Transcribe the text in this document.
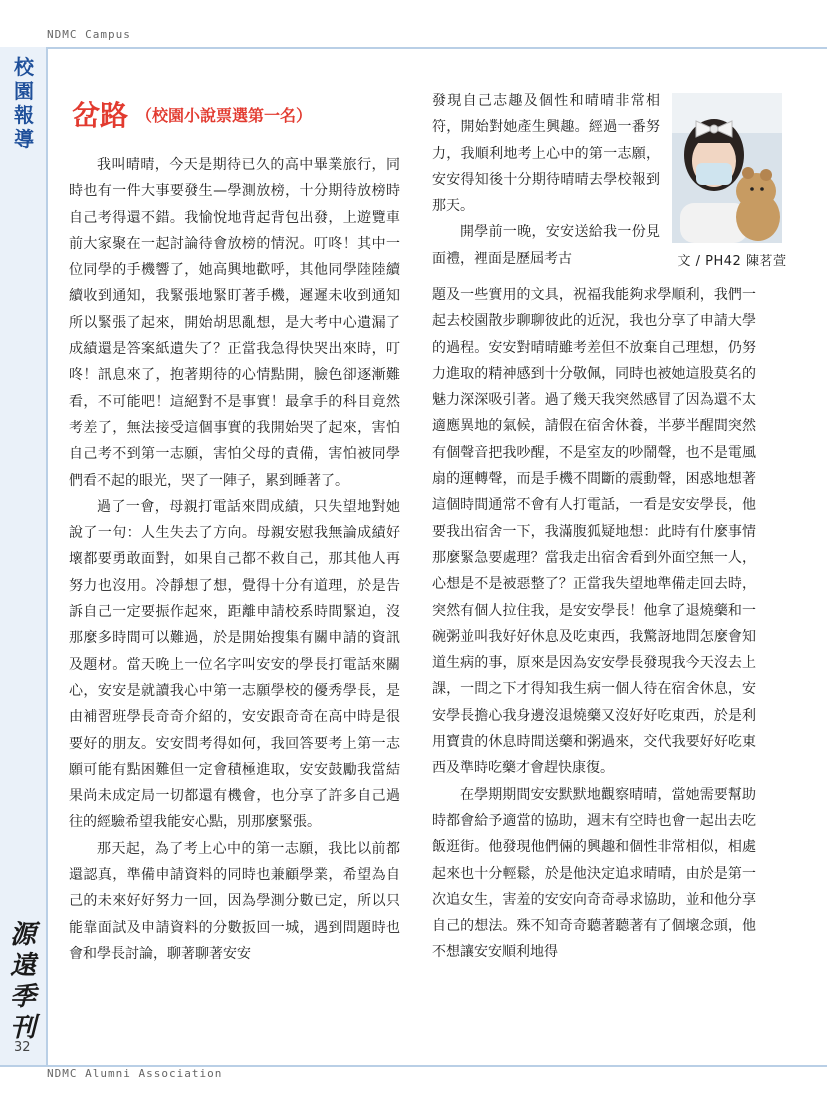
NDMC Campus
校園報導
源遠季刊
32
NDMC Alumni Association
岔路 （校園小說票選第一名）

我叫晴晴，今天是期待已久的高中畢業旅行，同時也有一件大事要發生—學測放榜，十分期待放榜時自己考得還不錯。我愉悅地背起背包出發，上遊覽車前大家聚在一起討論待會放榜的情況。叮咚！其中一位同學的手機響了，她高興地歡呼，其他同學陸陸續續收到通知，我緊張地緊盯著手機，遲遲未收到通知所以緊張了起來，開始胡思亂想，是大考中心遺漏了成績還是答案紙遺失了？正當我急得快哭出來時，叮咚！訊息來了，抱著期待的心情點開，臉色卻逐漸難看，不可能吧！這絕對不是事實！最拿手的科目竟然考差了，無法接受這個事實的我開始哭了起來，害怕自己考不到第一志願，害怕父母的責備，害怕被同學們看不起的眼光，哭了一陣子，累到睡著了。

過了一會，母親打電話來問成績，只失望地對她說了一句：人生失去了方向。母親安慰我無論成績好壞都要勇敢面對，如果自己都不救自己，那其他人再努力也沒用。冷靜想了想，覺得十分有道理，於是告訴自己一定要振作起來，距離申請校系時間緊迫，沒那麼多時間可以難過，於是開始搜集有關申請的資訊及題材。當天晚上一位名字叫安安的學長打電話來關心，安安是就讀我心中第一志願學校的優秀學長，是由補習班學長奇奇介紹的，安安跟奇奇在高中時是很要好的朋友。安安問考得如何，我回答要考上第一志願可能有點困難但一定會積極進取，安安鼓勵我當結果尚未成定局一切都還有機會，也分享了許多自己過往的經驗希望我能安心點，別那麼緊張。

那天起，為了考上心中的第一志願，我比以前都還認真，準備申請資料的同時也兼顧學業，希望為自己的未來好好努力一回，因為學測分數已定，所以只能靠面試及申請資料的分數扳回一城，遇到問題時也會和學長討論，聊著聊著安安

發現自己志趣及個性和晴晴非常相符，開始對她產生興趣。經過一番努力，我順利地考上心中的第一志願，安安得知後十分期待晴晴去學校報到那天。

開學前一晚，安安送給我一份見面禮，裡面是歷屆考古	文 / PH42 陳茗萱

題及一些實用的文具，祝福我能夠求學順利，我們一起去校園散步聊聊彼此的近況，我也分享了申請大學的過程。安安對晴晴雖考差但不放棄自己理想，仍努力進取的精神感到十分敬佩，同時也被她這股莫名的魅力深深吸引著。過了幾天我突然感冒了因為還不太適應異地的氣候，請假在宿舍休養，半夢半醒間突然有個聲音把我吵醒，不是室友的吵鬧聲，也不是電風扇的運轉聲，而是手機不間斷的震動聲，困惑地想著這個時間通常不會有人打電話，一看是安安學長，他要我出宿舍一下，我滿腹狐疑地想：此時有什麼事情那麼緊急要處理？當我走出宿舍看到外面空無一人，心想是不是被惡整了？正當我失望地準備走回去時，突然有個人拉住我，是安安學長！他拿了退燒藥和一碗粥並叫我好好休息及吃東西，我驚訝地問怎麼會知道生病的事，原來是因為安安學長發現我今天沒去上課，一問之下才得知我生病一個人待在宿舍休息，安安學長擔心我身邊沒退燒藥又沒好好吃東西，於是利用寶貴的休息時間送藥和粥過來，交代我要好好吃東西及準時吃藥才會趕快康復。

在學期期間安安默默地觀察晴晴，當她需要幫助時都會給予適當的協助，週末有空時也會一起出去吃飯逛街。他發現他們倆的興趣和個性非常相似，相處起來也十分輕鬆，於是他決定追求晴晴，由於是第一次追女生，害羞的安安向奇奇尋求協助，並和他分享自己的想法。殊不知奇奇聽著聽著有了個壞念頭，他不想讓安安順利地得
